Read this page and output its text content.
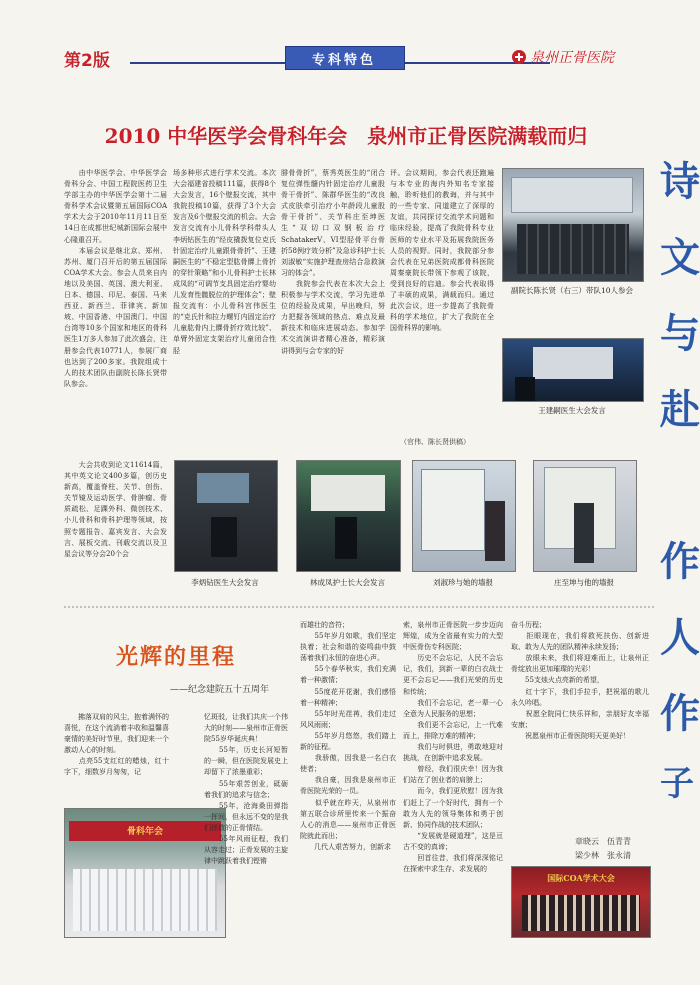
第2版	专科特色	泉州正骨医院
2010 中华医学会骨科年会　泉州市正骨医院满载而归
诗
文
与
赴
作
人
作
子
　　由中华医学会、中华医学会骨科分会、中国工程院医药卫生学部主办的中华医学会第十二届骨科学术会议暨第五届国际COA学术大会于2010年11月11日至14日在成都世纪城新国际会展中心隆重召开。
　　本届会议是继北京、郑州、苏州、厦门召开后的第五届国际COA学术大会。参会人员来自内地以及美国、英国、澳大利亚、日本、德国、印尼、泰国、马来西亚、新西兰、菲律宾、新加坡、中国香港、中国澳门、中国台湾等10多个国家和地区的骨科医生1万多人参加了此次盛会，注册参会代表10771人，参展厂商也达到了200多家。我院组成十人的技术团队由副院长陈长贤带队参会。
　　大会共收到论文11614篇，其中英文论文400多篇，创历史新高，覆盖脊柱、关节、创伤、关节镜及运动医学、骨肿瘤、骨质疏松、足踝外科、微创技术、小儿骨科和骨科护理等领域，按照专题报告、嘉宾发言、大会发言、展板交流、刊载交流以及卫星会议等分会20个会
场多种形式进行学术交流。本次大会福建省投稿111篇，获得8个大会发言，16个壁报交流，其中我院投稿10篇，获得了3个大会发言及6个壁报交流的机会。大会发言交流有小儿骨科学科带头人李炳钻医生的“经皮撬拨复位克氏针固定治疗儿童跟骨骨折”、王建嗣医生的“不稳定型肱骨髁上骨折的穿针策略”和小儿骨科护士长林成凤的“可调节支具固定治疗婴幼儿发育性髋脱位的护理体会”；壁报交流有：小儿骨科宫伟医生的“克氏针和拉力螺钉内固定治疗儿童肱骨内上髁骨折疗效比较”、单臂外固定支架治疗儿童闭合性胫
腓骨骨折”，蔡秀英医生的“闭合复位弹性髓内针固定治疗儿童股骨干骨折”、陈群华医生的“改良式皮肤牵引治疗小年龄段儿童股骨干骨折”、关节科庄至坤医生“双切口双钢板治疗SchatakerV、VI型胫骨平台骨折58例疗效分析”及急诊科护士长刘淑敏“实施护理查房结合急救演习的体会”。
　　我院参会代表在本次大会上积极参与学术交流，学习先进单位的经验及成果，早出晚归，努力把握各领域的热点、难点及最新技术和临床进展动态。参加学术交流演讲者精心准备，精彩演讲得到与会专家的好
评。会议期间，参会代表还跑遍与本专业的海内外知名专家接触，聆听他们的教诲，并与其中的一些专家、同道建立了深厚的友谊，共同探讨交流学术问题和临床经验，提高了我院骨科专业医师的专业水平及拓展我院医务人员的视野。同时，我院部分参会代表在兄弟医院成都骨科医院周秦豪院长带领下参观了该院，受到良好的启迪。参会代表取得了丰硕的成果，满载而归。通过此次会议，进一步提高了我院骨科的学术地位，扩大了我院在全国骨科界的影响。
（官伟、陈长贤供稿）
副院长陈长贤（右三）带队10人参会
王建嗣医生大会发言
李炳钻医生大会发言	林成凤护士长大会发言	刘淑珍与她的墙报	庄至坤与他的墙报
光辉的里程
——纪念建院五十五周年
　　拂落双肩的风尘，抱着满怀的喜悦，在这个流淌着丰收和温馨喜豪情的美好时节里，我们迎来一个激动人心的时刻。
　　点亮55支红红的蜡烛，红十字下，细数岁月匆匆，记
骨科年会
忆斑驳，让我们共庆一个伟大的时刻——泉州市正骨医院55岁华诞庆典！
　　55年，历史长河短暂的一瞬，但在医院发展史上却留下了浓墨重彩；
　　55年艰苦创业，砥砺着我们的追求与信念；
　　55年，沧海桑田弹指一挥间，但永远不变的是我们拯救的正骨情结。
　　55年风雨征程，我们从容走过；正骨发展的主旋律中跳跃着我们铿锵
而雄壮的音符；
　　55年岁月如歌，我们坚定执着；社会和谐的姿鸣曲中鼓荡着我们永恒的奋进心声。
　　55个春华秋实，我们充满着一种激情；
　　55度花开花谢，我们感悟着一种精神；
　　55年时光荏苒，我们走过风风雨雨；
　　55年岁月悠悠，我们踏上新的征程。
　　我骄傲，因我是一名白衣使者；
　　我自豪，因我是泉州市正骨医院光荣的一员。
　　似乎就在昨天，从泉州市第五联合诊所里传来一个振奋人心的消息——泉州市正骨医院就此而出；
　　几代人艰苦努力，创新求
索，泉州市正骨医院一步步迈向辉煌，成为全省最有实力的大型中医骨伤专科医院；
　　历史不会忘记，人民不会忘记，我们，到新一辈的白衣战士更不会忘记——我们光荣的历史和传统；
　　我们不会忘记，老一辈一心全意为人民服务的思想；
　　我们更不会忘记，上一代难而上，排除万难的精神；
　　我们与时俱进，勇敢地迎对挑战，在创新中追求发展。
　　曾经，我们很庆幸！因为我们站在了创业者的肩膀上；
　　而今，我们更欣慰！因为我们赶上了一个好时代，拥有一个敢为人先的领导集体和勇于创新、协同作战的技术团队；
　　“发展就是硬道理”，这是亘古不变的真谛；
　　回首往昔，我们将深深铭记在探索中求生存、求发展的
奋斗历程；
　　拒眼现在，我们将救死扶伤、创新进取、敢为人先的团队精神永续发扬；
　　放眼未来，我们将迎难而上，让泉州正骨绽放出更加璀璨的光彩！
　　55支烛火点亮新的希望，
　　红十字下，我们手拉手，把祝福的歌儿永久吟唱。
　　祝愿全院同仁快乐祥和，亲朋好友幸福安康；
　　祝愿泉州市正骨医院明天更美好！
章晓云　伍青青
梁少林　张永清
国际COA学术大会
